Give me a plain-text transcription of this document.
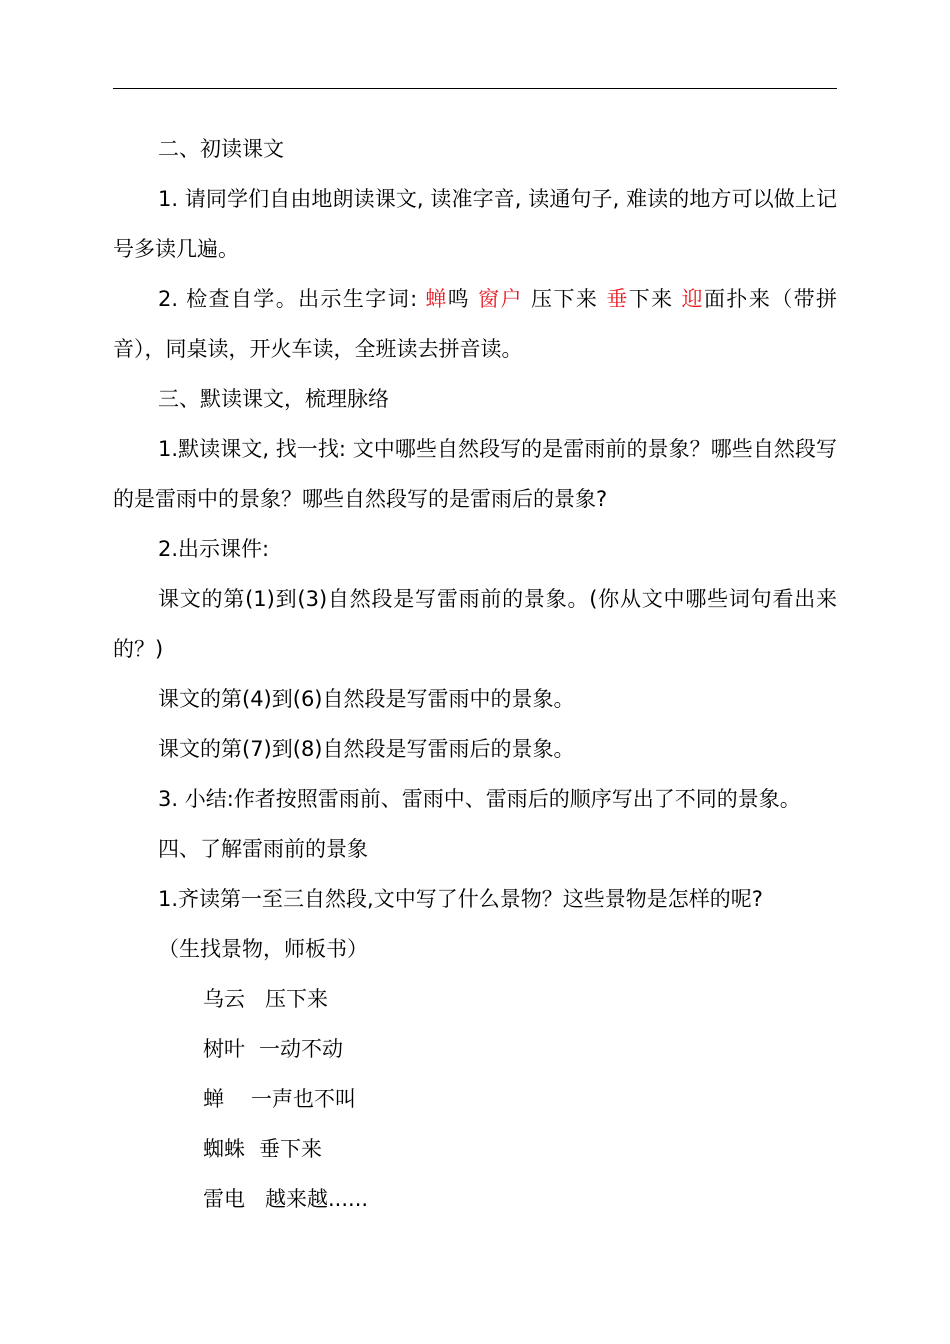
二、初读课文

1. 请同学们自由地朗读课文, 读准字音, 读通句子, 难读的地方可以做上记号多读几遍。

2. 检查自学。出示生字词: 蝉鸣 窗户 压下来 垂下来 迎面扑来（带拼音），同桌读，开火车读，全班读去拼音读。

三、默读课文，梳理脉络

1.默读课文, 找一找: 文中哪些自然段写的是雷雨前的景象？哪些自然段写的是雷雨中的景象？哪些自然段写的是雷雨后的景象?

2.出示课件:

课文的第(1)到(3)自然段是写雷雨前的景象。(你从文中哪些词句看出来的？)

课文的第(4)到(6)自然段是写雷雨中的景象。

课文的第(7)到(8)自然段是写雷雨后的景象。

3. 小结:作者按照雷雨前、雷雨中、雷雨后的顺序写出了不同的景象。

四、了解雷雨前的景象

1.齐读第一至三自然段,文中写了什么景物？这些景物是怎样的呢?

（生找景物，师板书）

乌云 压下来

树叶 一动不动

蝉 一声也不叫

蜘蛛 垂下来

雷电 越来越......
